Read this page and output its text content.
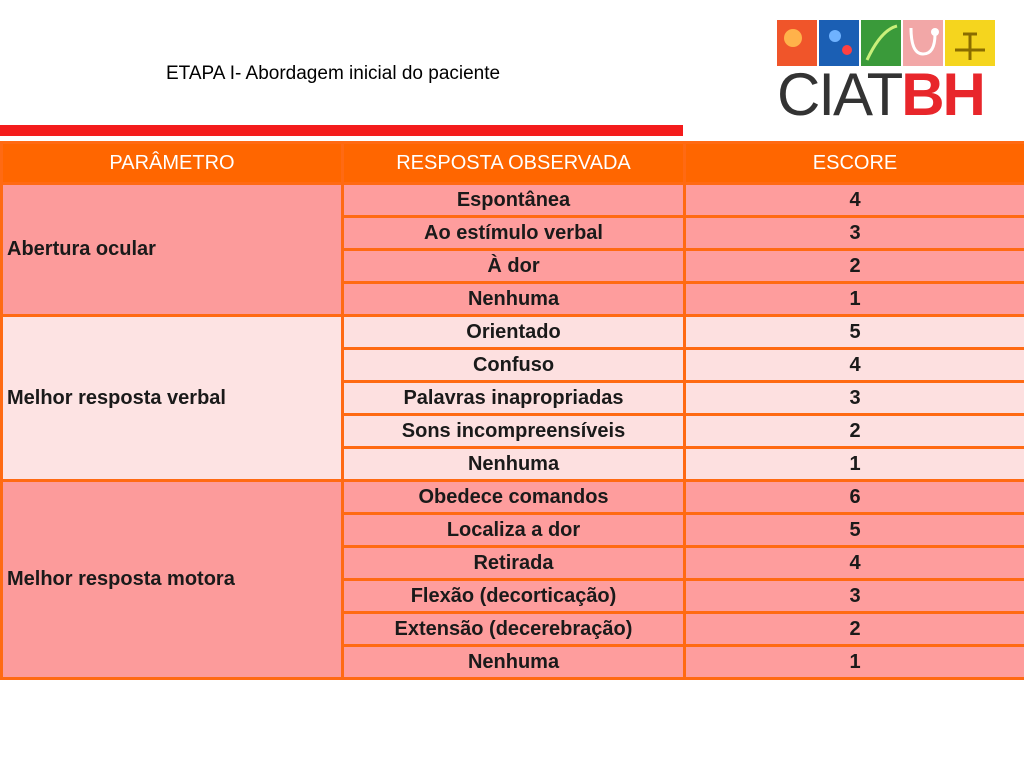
ETAPA I- Abordagem inicial do paciente	CIATBH
PARÂMETRO	RESPOSTA OBSERVADA	ESCORE
Abertura ocular	Espontânea	4
	Ao estímulo verbal	3
	À dor	2
	Nenhuma	1
Melhor resposta verbal	Orientado	5
	Confuso	4
	Palavras inapropriadas	3
	Sons incompreensíveis	2
	Nenhuma	1
Melhor resposta motora	Obedece comandos	6
	Localiza a dor	5
	Retirada	4
	Flexão (decorticação)	3
	Extensão (decerebração)	2
	Nenhuma	1
